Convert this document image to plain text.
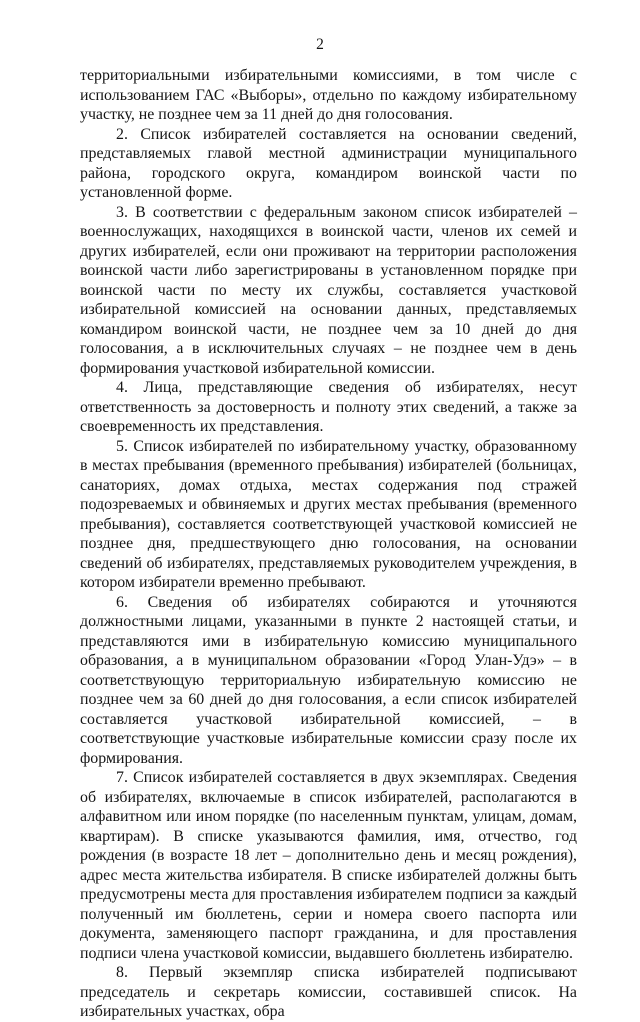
2

территориальными избирательными комиссиями, в том числе с использованием ГАС «Выборы», отдельно по каждому избирательному участку, не позднее чем за 11 дней до дня голосования.

2. Список избирателей составляется на основании сведений, представляемых главой местной администрации муниципального района, городского округа, командиром воинской части по установленной форме.

3. В соответствии с федеральным законом список избирателей – военнослужащих, находящихся в воинской части, членов их семей и других избирателей, если они проживают на территории расположения воинской части либо зарегистрированы в установленном порядке при воинской части по месту их службы, составляется участковой избирательной комиссией на основании данных, представляемых командиром воинской части, не позднее чем за 10 дней до дня голосования, а в исключительных случаях – не позднее чем в день формирования участковой избирательной комиссии.

4. Лица, представляющие сведения об избирателях, несут ответственность за достоверность и полноту этих сведений, а также за своевременность их представления.

5. Список избирателей по избирательному участку, образованному в местах пребывания (временного пребывания) избирателей (больницах, санаториях, домах отдыха, местах содержания под стражей подозреваемых и обвиняемых и других местах пребывания (временного пребывания), составляется соответствующей участковой комиссией не позднее дня, предшествующего дню голосования, на основании сведений об избирателях, представляемых руководителем учреждения, в котором избиратели временно пребывают.

6. Сведения об избирателях собираются и уточняются должностными лицами, указанными в пункте 2 настоящей статьи, и представляются ими в избирательную комиссию муниципального образования, а в муниципальном образовании «Город Улан-Удэ» – в соответствующую территориальную избирательную комиссию не позднее чем за 60 дней до дня голосования, а если список избирателей составляется участковой избирательной комиссией, – в соответствующие участковые избирательные комиссии сразу после их формирования.

7. Список избирателей составляется в двух экземплярах. Сведения об избирателях, включаемые в список избирателей, располагаются в алфавитном или ином порядке (по населенным пунктам, улицам, домам, квартирам). В списке указываются фамилия, имя, отчество, год рождения (в возрасте 18 лет – дополнительно день и месяц рождения), адрес места жительства избирателя. В списке избирателей должны быть предусмотрены места для проставления избирателем подписи за каждый полученный им бюллетень, серии и номера своего паспорта или документа, заменяющего паспорт гражданина, и для проставления подписи члена участковой комиссии, выдавшего бюллетень избирателю.

8. Первый экземпляр списка избирателей подписывают председатель и секретарь комиссии, составившей список. На избирательных участках, обра
